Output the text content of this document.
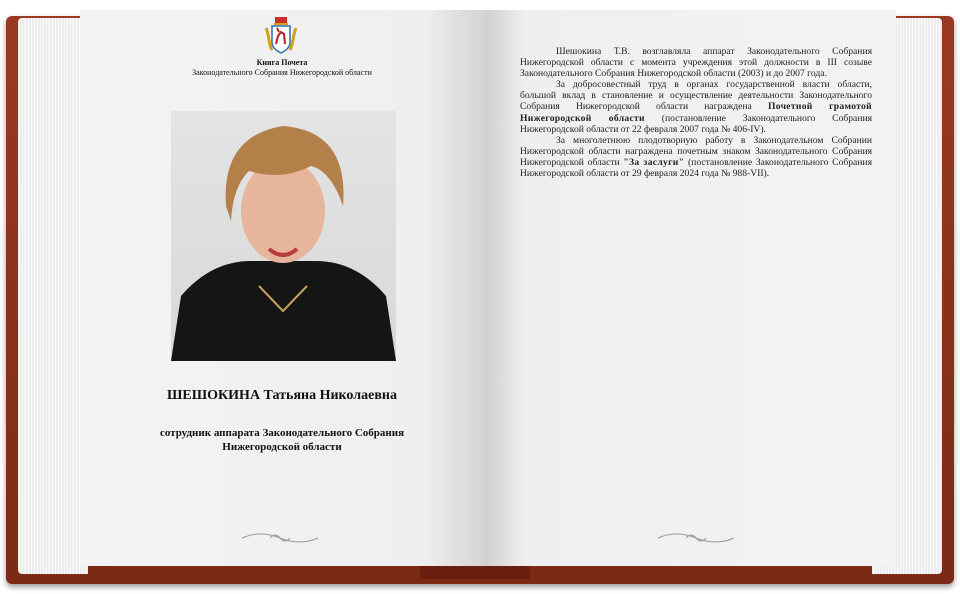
Книга Почета
Законодательного Собрания Нижегородской области
ШЕШОКИНА Татьяна Николаевна
сотрудник аппарата Законодательного Собрания
Нижегородской области

Шешокина Т.В. возглавляла аппарат Законодательного Собрания Нижегородской области с момента учреждения этой должности в III созыве Законодательного Собрания Нижегородской области (2003) и до 2007 года.

За добросовестный труд в органах государственной власти области, большой вклад в становление и осуществление деятельности Законодательного Собрания Нижегородской области награждена Почетной грамотой Нижегородской области (постановление Законодательного Собрания Нижегородской области от 22 февраля 2007 года № 406-IV).

За многолетнюю плодотворную работу в Законодательном Собрании Нижегородской области награждена почетным знаком Законодательного Собрания Нижегородской области "За заслуги" (постановление Законодательного Собрания Нижегородской области от 29 февраля 2024 года № 988-VII).
